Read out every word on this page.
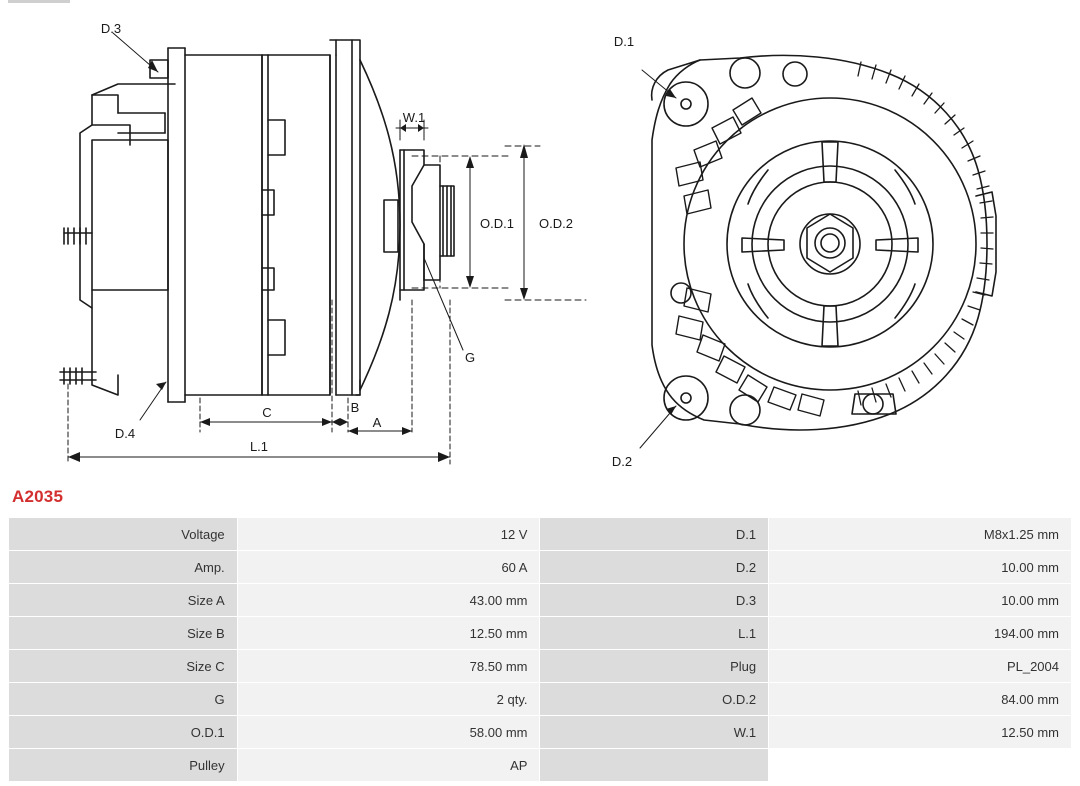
D.3
D.4
W.1
O.D.1 O.D.2
G
A
B
C
L.1
D.1
D.2
A2035
Voltage	12 V	D.1	M8x1.25 mm
Amp.	60 A	D.2	10.00 mm
Size A	43.00 mm	D.3	10.00 mm
Size B	12.50 mm	L.1	194.00 mm
Size C	78.50 mm	Plug	PL_2004
G	2 qty.	O.D.2	84.00 mm
O.D.1	58.00 mm	W.1	12.50 mm
Pulley	AP		
